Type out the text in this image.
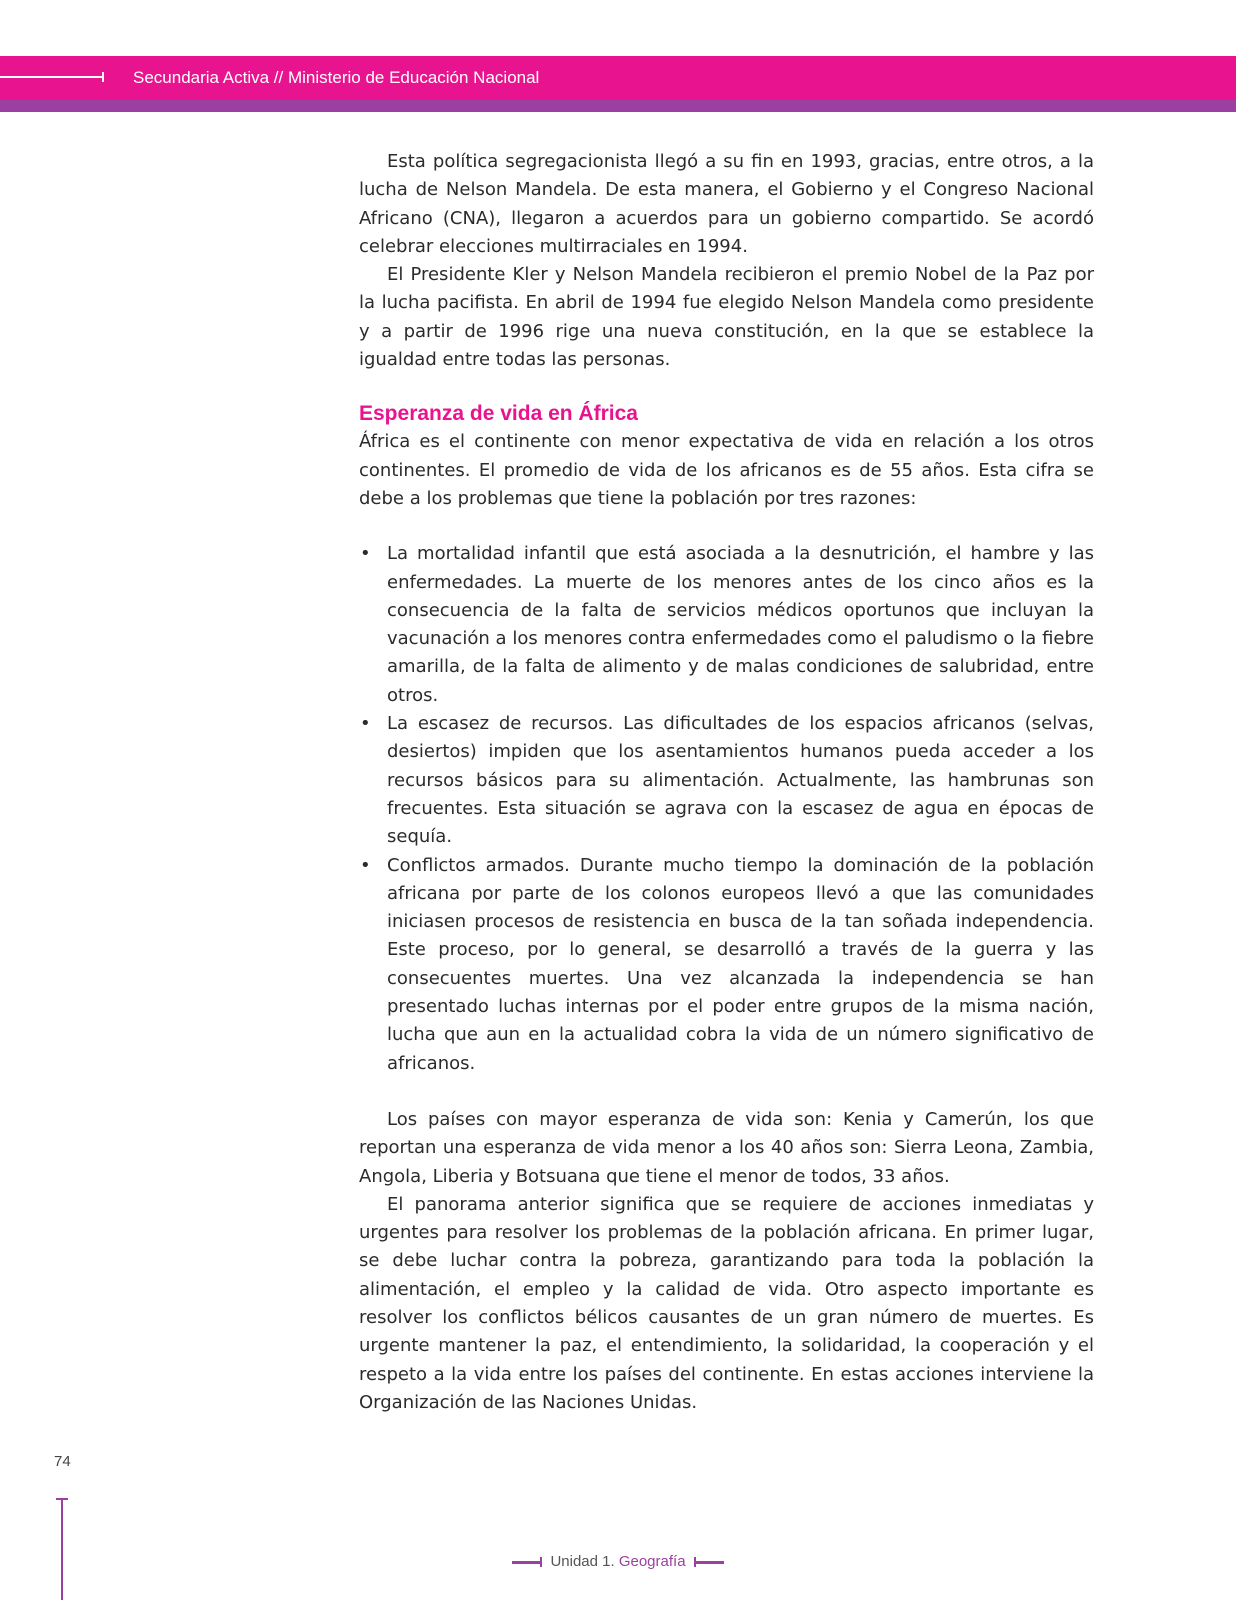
Secundaria Activa // Ministerio de Educación Nacional

Esta política segregacionista llegó a su fin en 1993, gracias, entre otros, a la lucha de Nelson Mandela. De esta manera, el Gobierno y el Congreso Nacional Africano (CNA), llegaron a acuerdos para un gobierno compartido. Se acordó celebrar elecciones multirraciales en 1994.

El Presidente Kler y Nelson Mandela recibieron el premio Nobel de la Paz por la lucha pacifista. En abril de 1994 fue elegido Nelson Mandela como presidente y a partir de 1996 rige una nueva constitución, en la que se establece la igualdad entre todas las personas.

Esperanza de vida en África

África es el continente con menor expectativa de vida en relación a los otros continentes. El promedio de vida de los africanos es de 55 años. Esta cifra se debe a los problemas que tiene la población por tres razones:

• La mortalidad infantil que está asociada a la desnutrición, el hambre y las enfermedades. La muerte de los menores antes de los cinco años es la consecuencia de la falta de servicios médicos oportunos que incluyan la vacunación a los menores contra enfermedades como el paludismo o la fiebre amarilla, de la falta de alimento y de malas condiciones de salubridad, entre otros.
• La escasez de recursos. Las dificultades de los espacios africanos (selvas, desiertos) impiden que los asentamientos humanos pueda acceder a los recursos básicos para su alimentación. Actualmente, las hambrunas son frecuentes. Esta situación se agrava con la escasez de agua en épocas de sequía.
• Conflictos armados. Durante mucho tiempo la dominación de la población africana por parte de los colonos europeos llevó a que las comunidades iniciasen procesos de resistencia en busca de la tan soñada independencia. Este proceso, por lo general, se desarrolló a través de la guerra y las consecuentes muertes. Una vez alcanzada la independencia se han presentado luchas internas por el poder entre grupos de la misma nación, lucha que aun en la actualidad cobra la vida de un número significativo de africanos.

Los países con mayor esperanza de vida son: Kenia y Camerún, los que reportan una esperanza de vida menor a los 40 años son: Sierra Leona, Zambia, Angola, Liberia y Botsuana que tiene el menor de todos, 33 años.

El panorama anterior significa que se requiere de acciones inmediatas y urgentes para resolver los problemas de la población africana. En primer lugar, se debe luchar contra la pobreza, garantizando para toda la población la alimentación, el empleo y la calidad de vida. Otro aspecto importante es resolver los conflictos bélicos causantes de un gran número de muertes. Es urgente mantener la paz, el entendimiento, la solidaridad, la cooperación y el respeto a la vida entre los países del continente. En estas acciones interviene la Organización de las Naciones Unidas.

74
Unidad 1. Geografía
